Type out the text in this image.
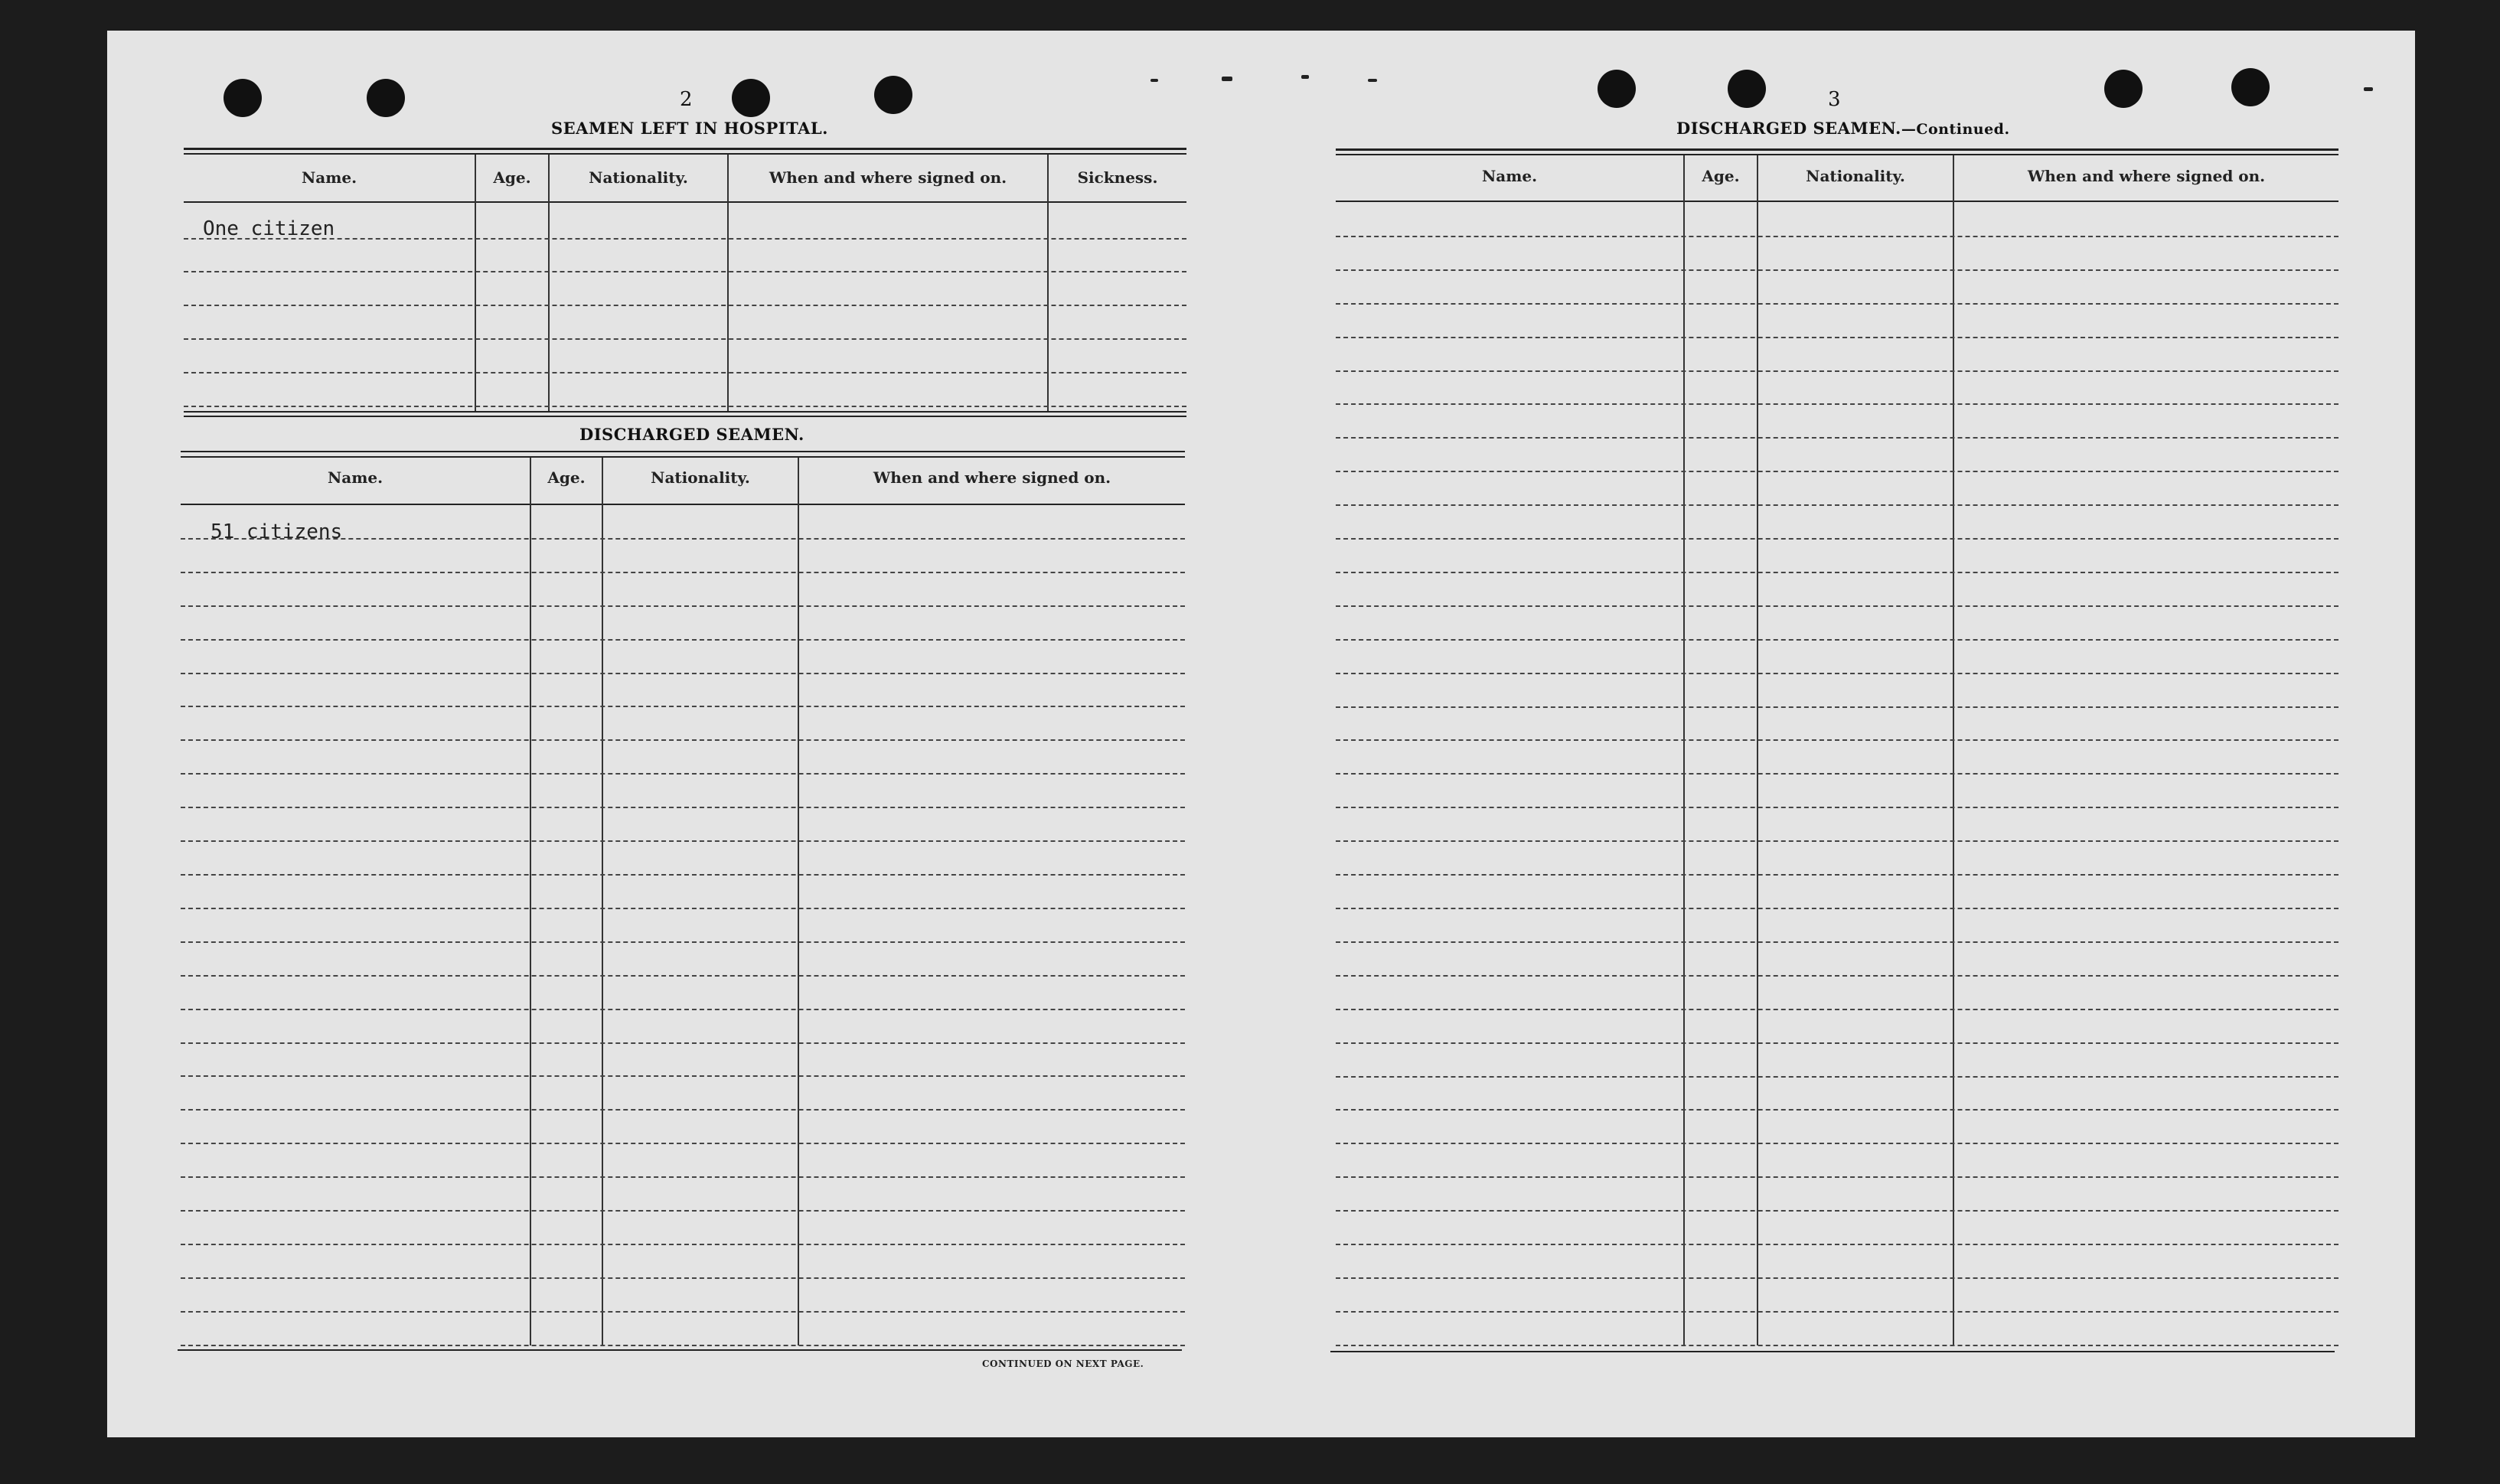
2
SEAMEN LEFT IN HOSPITAL.
Name.	Age.	Nationality.	When and where signed on.	Sickness.
One citizen
DISCHARGED SEAMEN.
Name.	Age.	Nationality.	When and where signed on.
51 citizens
CONTINUED ON NEXT PAGE.
3
DISCHARGED SEAMEN.—Continued.
Name.	Age.	Nationality.	When and where signed on.
